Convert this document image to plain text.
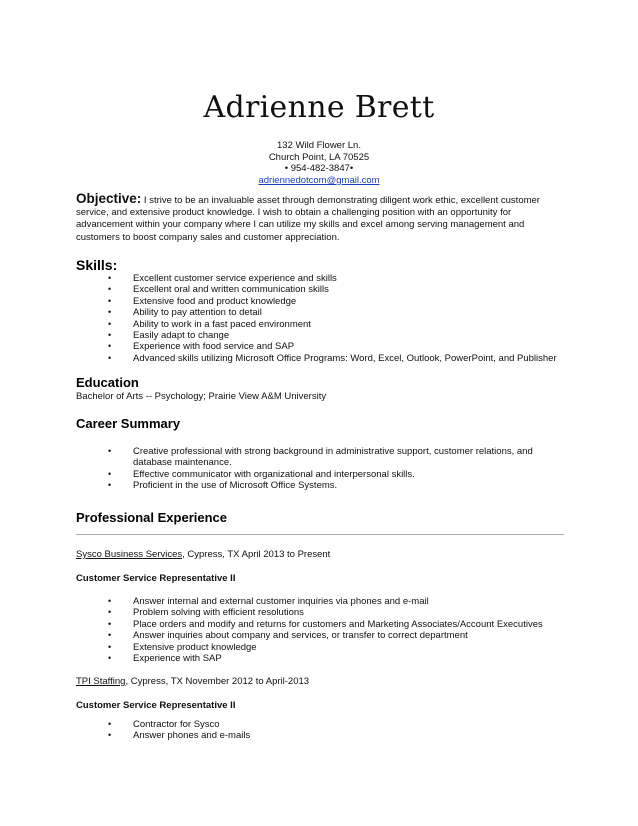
Adrienne Brett
132 Wild Flower Ln.
Church Point, LA 70525
• 954-482-3847•
adriennedotcom@gmail.com
Objective: I strive to be an invaluable asset through demonstrating diligent work ethic, excellent customer service, and extensive product knowledge. I wish to obtain a challenging position with an opportunity for advancement within your company where I can utilize my skills and excel among serving management and customers to boost company sales and customer appreciation.
Skills:
• Excellent customer service experience and skills
• Excellent oral and written communication skills
• Extensive food and product knowledge
• Ability to pay attention to detail
• Ability to work in a fast paced environment
• Easily adapt to change
• Experience with food service and SAP
• Advanced skills utilizing Microsoft Office Programs: Word, Excel, Outlook, PowerPoint, and Publisher
Education
Bachelor of Arts -- Psychology; Prairie View A&M University
Career Summary
• Creative professional with strong background in administrative support, customer relations, and database maintenance.
• Effective communicator with organizational and interpersonal skills.
• Proficient in the use of Microsoft Office Systems.
Professional Experience
Sysco Business Services, Cypress, TX April 2013 to Present
Customer Service Representative II
• Answer internal and external customer inquiries via phones and e-mail
• Problem solving with efficient resolutions
• Place orders and modify and returns for customers and Marketing Associates/Account Executives
• Answer inquiries about company and services, or transfer to correct department
• Extensive product knowledge
• Experience with SAP
TPI Staffing, Cypress, TX November 2012 to April-2013
Customer Service Representative II
• Contractor for Sysco
• Answer phones and e-mails
